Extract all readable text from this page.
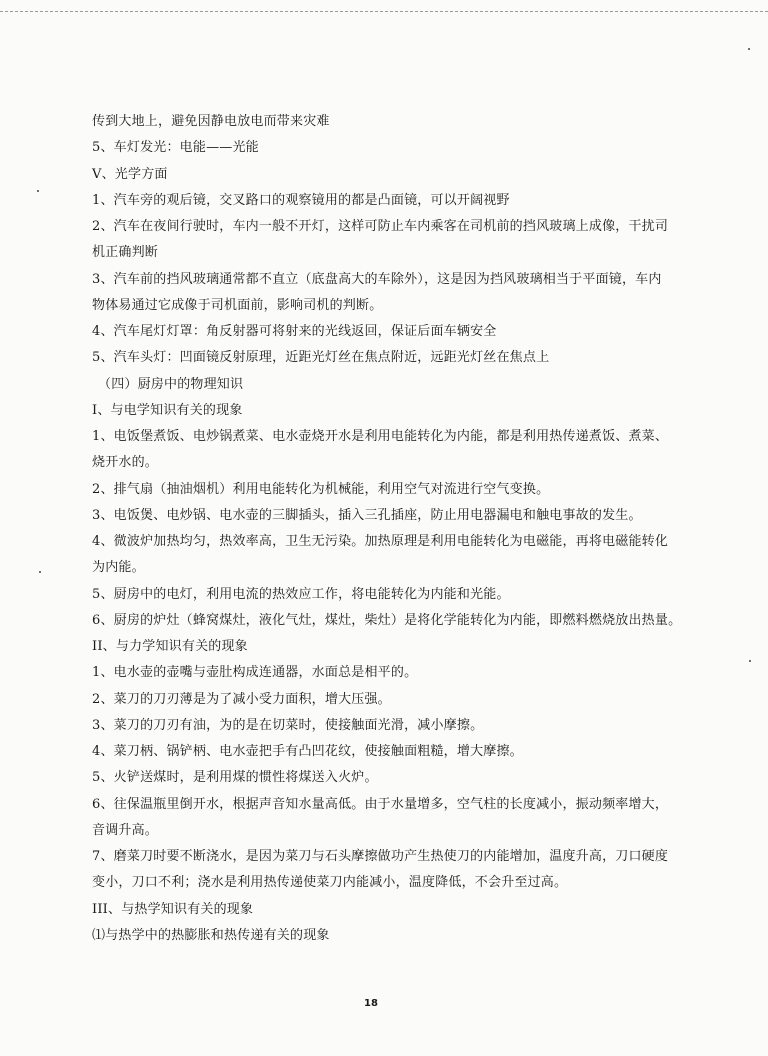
传到大地上，避免因静电放电而带来灾难
5、车灯发光：电能——光能
V、光学方面
1、汽车旁的观后镜，交叉路口的观察镜用的都是凸面镜，可以开阔视野
2、汽车在夜间行驶时，车内一般不开灯，这样可防止车内乘客在司机前的挡风玻璃上成像，干扰司
机正确判断
3、汽车前的挡风玻璃通常都不直立（底盘高大的车除外），这是因为挡风玻璃相当于平面镜，车内
物体易通过它成像于司机面前，影响司机的判断。
4、汽车尾灯灯罩：角反射器可将射来的光线返回，保证后面车辆安全
5、汽车头灯：凹面镜反射原理，近距光灯丝在焦点附近，远距光灯丝在焦点上
（四）厨房中的物理知识
I、与电学知识有关的现象
1、电饭堡煮饭、电炒锅煮菜、电水壶烧开水是利用电能转化为内能，都是利用热传递煮饭、煮菜、
烧开水的。
2、排气扇（抽油烟机）利用电能转化为机械能，利用空气对流进行空气变换。
3、电饭煲、电炒锅、电水壶的三脚插头，插入三孔插座，防止用电器漏电和触电事故的发生。
4、微波炉加热均匀，热效率高，卫生无污染。加热原理是利用电能转化为电磁能，再将电磁能转化
为内能。
5、厨房中的电灯，利用电流的热效应工作，将电能转化为内能和光能。
6、厨房的炉灶（蜂窝煤灶，液化气灶，煤灶，柴灶）是将化学能转化为内能，即燃料燃烧放出热量。
II、与力学知识有关的现象
1、电水壶的壶嘴与壶肚构成连通器，水面总是相平的。
2、菜刀的刀刃薄是为了减小受力面积，增大压强。
3、菜刀的刀刃有油，为的是在切菜时，使接触面光滑，减小摩擦。
4、菜刀柄、锅铲柄、电水壶把手有凸凹花纹，使接触面粗糙，增大摩擦。
5、火铲送煤时，是利用煤的惯性将煤送入火炉。
6、往保温瓶里倒开水，根据声音知水量高低。由于水量增多，空气柱的长度减小，振动频率增大，
音调升高。
7、磨菜刀时要不断浇水，是因为菜刀与石头摩擦做功产生热使刀的内能增加，温度升高，刀口硬度
变小，刀口不利；浇水是利用热传递使菜刀内能减小，温度降低，不会升至过高。
III、与热学知识有关的现象
⑴与热学中的热膨胀和热传递有关的现象
18
